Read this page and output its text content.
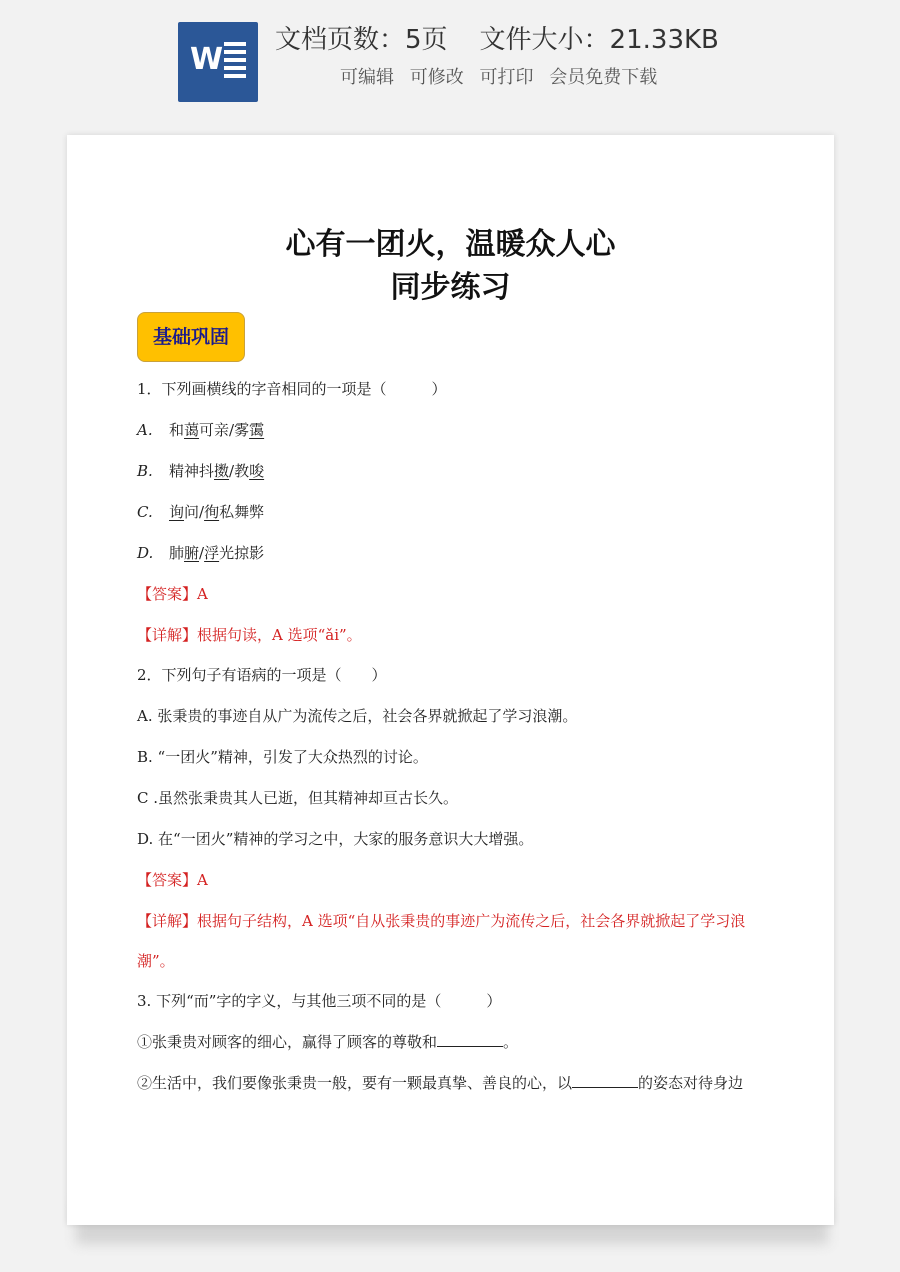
W
文档页数：5页 文件大小：21.33KB
可编辑 可修改 可打印 会员免费下载
心有一团火，温暖众人心
同步练习
基础巩固
1．下列画横线的字音相同的一项是（　　　）
A. 和蔼可亲/雾霭
B. 精神抖擞/教唆
C. 询问/徇私舞弊
D. 肺腑/浮光掠影
【答案】A
【详解】根据句读，A 选项“ǎi”。
2．下列句子有语病的一项是（　　）
A. 张秉贵的事迹自从广为流传之后，社会各界就掀起了学习浪潮。
B. “一团火”精神，引发了大众热烈的讨论。
C .虽然张秉贵其人已逝，但其精神却亘古长久。
D. 在“一团火”精神的学习之中，大家的服务意识大大增强。
【答案】A
【详解】根据句子结构，A 选项“自从张秉贵的事迹广为流传之后，社会各界就掀起了学习浪
潮”。
3. 下列“而”字的字义，与其他三项不同的是（　　　）
①张秉贵对顾客的细心，赢得了顾客的尊敬和	。
②生活中，我们要像张秉贵一般，要有一颗最真挚、善良的心，以	的姿态对待身边
